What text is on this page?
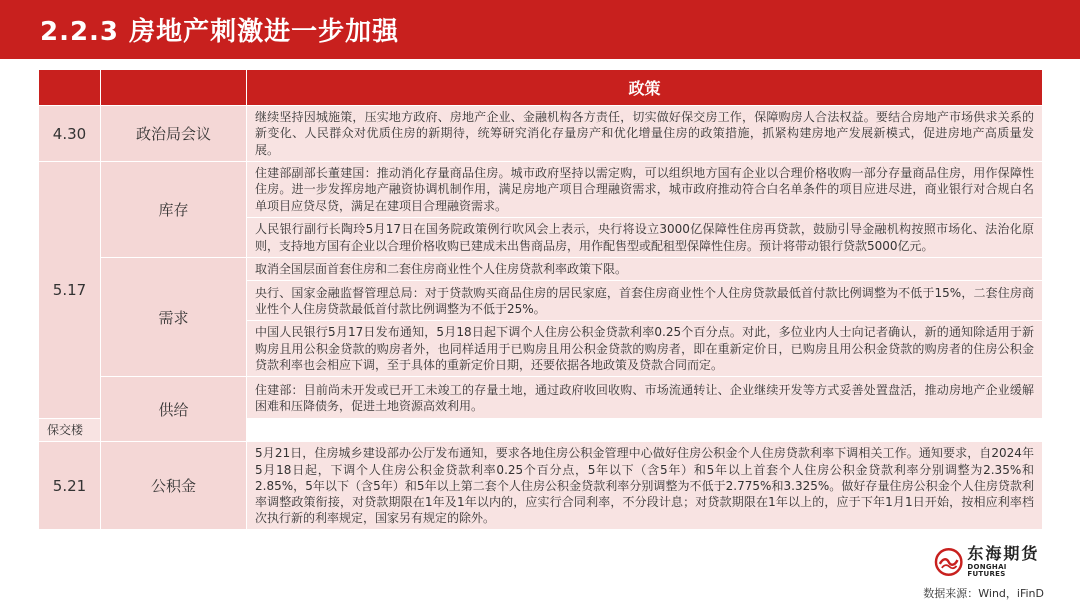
2.2.3 房地产刺激进一步加强
		政策
4.30	政治局会议	继续坚持因城施策，压实地方政府、房地产企业、金融机构各方责任，切实做好保交房工作，保障购房人合法权益。要结合房地产市场供求关系的新变化、人民群众对优质住房的新期待，统筹研究消化存量房产和优化增量住房的政策措施，抓紧构建房地产发展新模式，促进房地产高质量发展。
5.17	库存	住建部副部长董建国：推动消化存量商品住房。城市政府坚持以需定购，可以组织地方国有企业以合理价格收购一部分存量商品住房，用作保障性住房。进一步发挥房地产融资协调机制作用，满足房地产项目合理融资需求，城市政府推动符合白名单条件的项目应进尽进，商业银行对合规白名单项目应贷尽贷，满足在建项目合理融资需求。
		人民银行副行长陶玲5月17日在国务院政策例行吹风会上表示，央行将设立3000亿保障性住房再贷款，鼓励引导金融机构按照市场化、法治化原则，支持地方国有企业以合理价格收购已建成未出售商品房，用作配售型或配租型保障性住房。预计将带动银行贷款5000亿元。
	需求	取消全国层面首套住房和二套住房商业性个人住房贷款利率政策下限。
		央行、国家金融监督管理总局：对于贷款购买商品住房的居民家庭，首套住房商业性个人住房贷款最低首付款比例调整为不低于15%，二套住房商业性个人住房贷款最低首付款比例调整为不低于25%。
		中国人民银行5月17日发布通知，5月18日起下调个人住房公积金贷款利率0.25个百分点。对此，多位业内人士向记者确认，新的通知除适用于新购房且用公积金贷款的购房者外，也同样适用于已购房且用公积金贷款的购房者，即在重新定价日，已购房且用公积金贷款的购房者的住房公积金贷款利率也会相应下调，至于具体的重新定价日期，还要依据各地政策及贷款合同而定。
	供给	住建部：目前尚未开发或已开工未竣工的存量土地，通过政府收回收购、市场流通转让、企业继续开发等方式妥善处置盘活，推动房地产企业缓解困难和压降债务，促进土地资源高效利用。
保交楼		
5.21	公积金	5月21日，住房城乡建设部办公厅发布通知，要求各地住房公积金管理中心做好住房公积金个人住房贷款利率下调相关工作。通知要求，自2024年5月18日起，下调个人住房公积金贷款利率0.25个百分点，5年以下（含5年）和5年以上首套个人住房公积金贷款利率分别调整为2.35%和2.85%，5年以下（含5年）和5年以上第二套个人住房公积金贷款利率分别调整为不低于2.775%和3.325%。做好存量住房公积金个人住房贷款利率调整政策衔接，对贷款期限在1年及1年以内的，应实行合同利率，不分段计息；对贷款期限在1年以上的，应于下年1月1日开始，按相应利率档次执行新的利率规定，国家另有规定的除外。
东海期货
DONGHAI FUTURES
数据来源：Wind，iFinD
